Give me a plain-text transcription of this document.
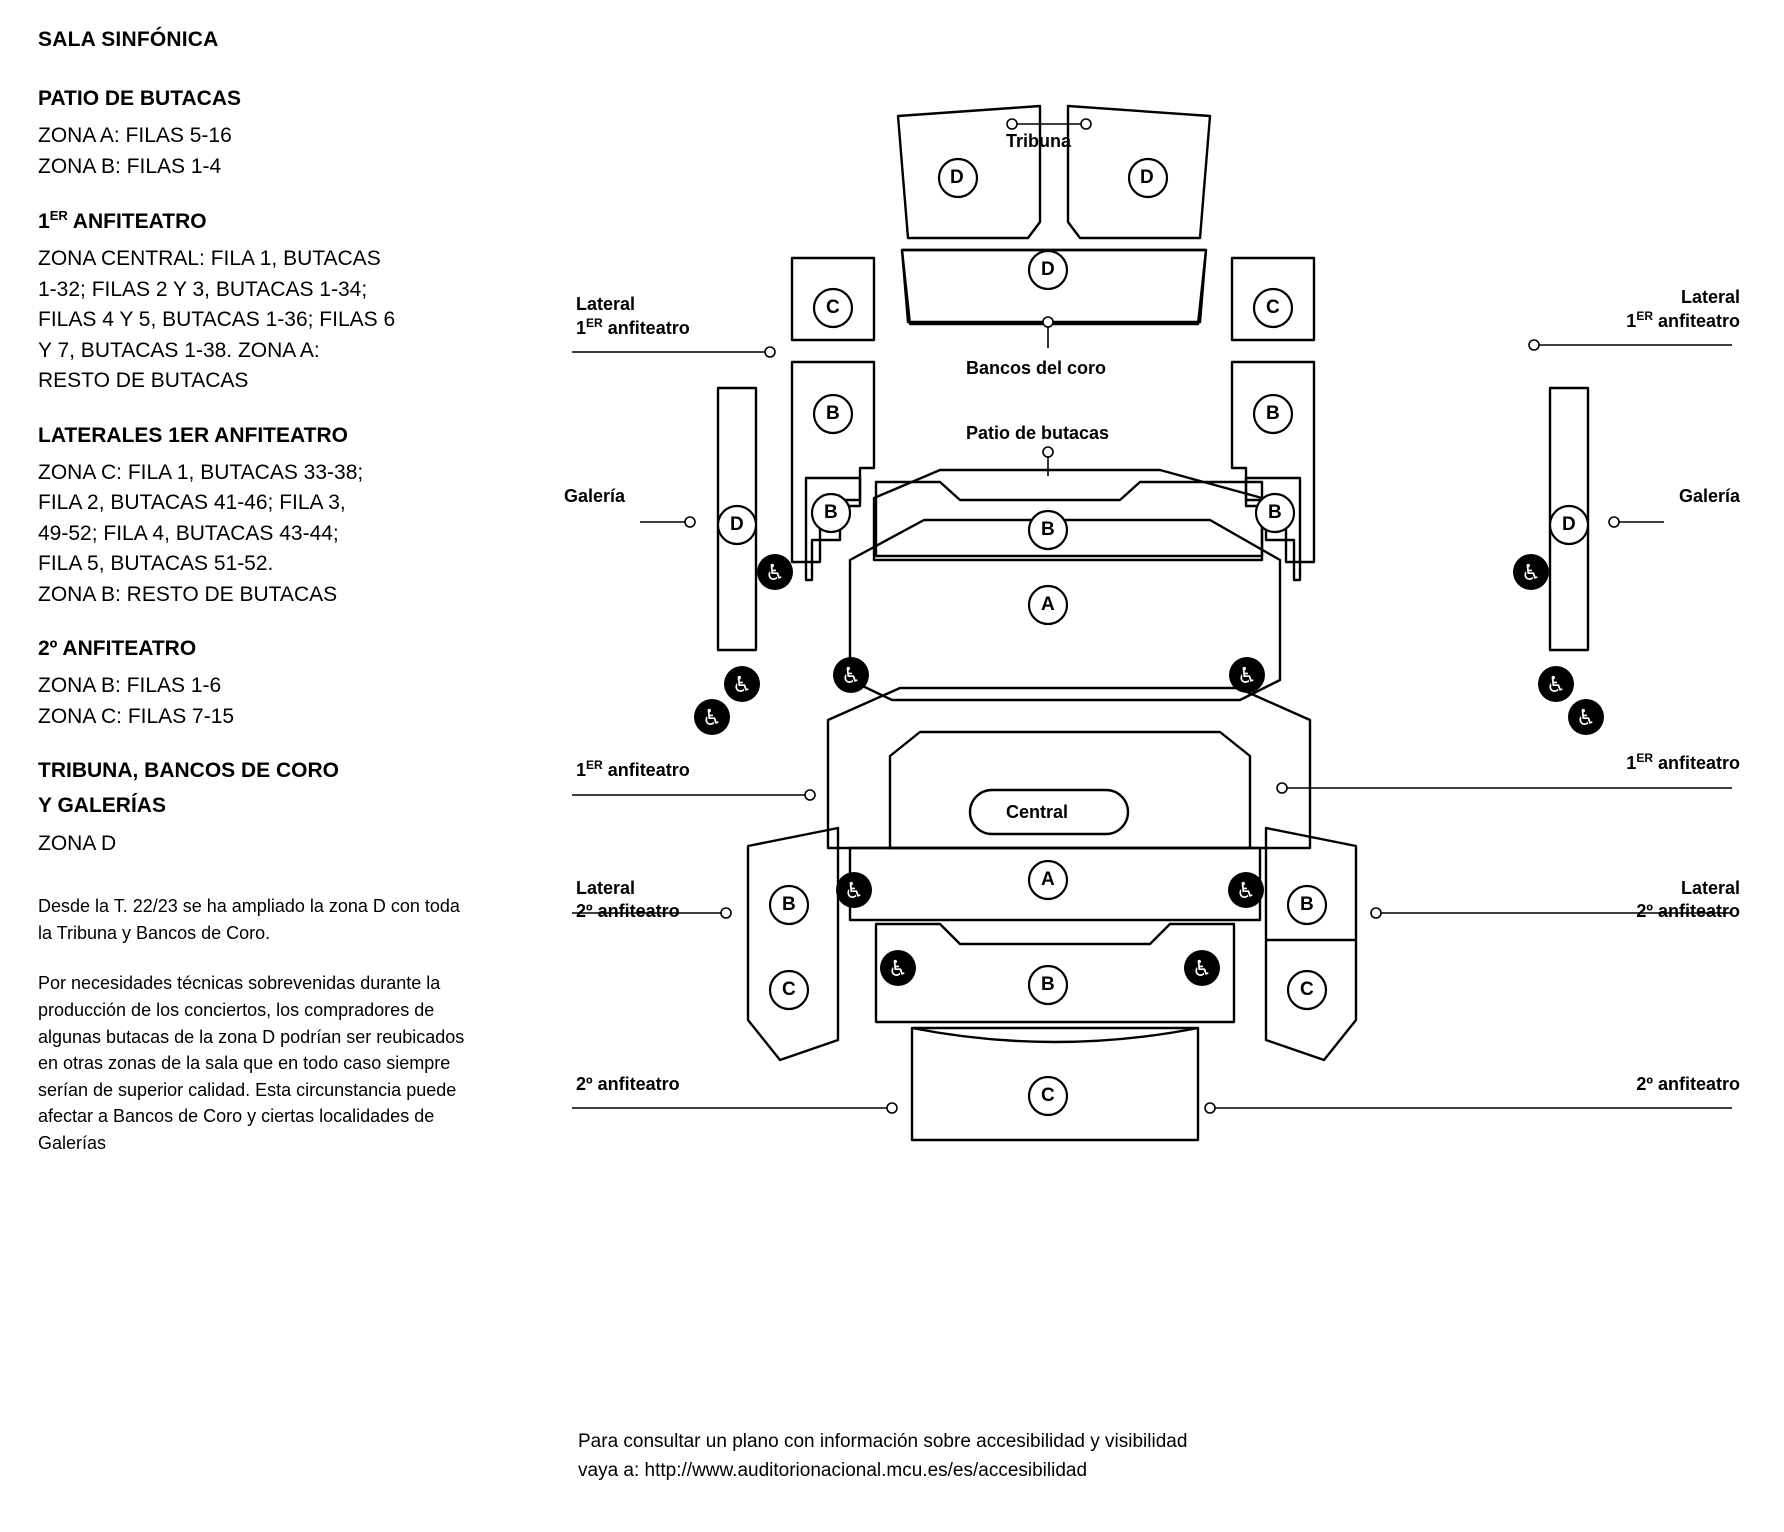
SALA SINFÓNICA

PATIO DE BUTACAS

ZONA A: FILAS 5-16

ZONA B: FILAS 1-4

1ER ANFITEATRO

ZONA CENTRAL: FILA 1, BUTACAS

1-32; FILAS 2 Y 3, BUTACAS 1-34;

FILAS 4 Y 5, BUTACAS 1-36; FILAS 6

Y 7, BUTACAS 1-38. ZONA A:

RESTO DE BUTACAS

LATERALES 1ER ANFITEATRO

ZONA C: FILA 1, BUTACAS 33-38;

FILA 2, BUTACAS 41-46; FILA 3,

49-52; FILA 4, BUTACAS 43-44;

FILA 5, BUTACAS 51-52.

ZONA B: RESTO DE BUTACAS

2º ANFITEATRO

ZONA B: FILAS 1-6

ZONA C: FILAS 7-15

TRIBUNA, BANCOS DE CORO

Y GALERÍAS

ZONA D

Desde la T. 22/23 se ha ampliado la zona D con toda la Tribuna y Bancos de Coro.

Por necesidades técnicas sobrevenidas durante la producción de los conciertos, los compradores de algunas butacas de la zona D podrían ser reubicados en otras zonas de la sala que en todo caso siempre serían de superior calidad. Esta circunstancia puede afectar a Bancos de Coro y ciertas localidades de Galerías

♿	♿
♿
♿
♿	♿	♿
♿
♿	♿
♿	♿
D	D
D
C	C
B	B
D	D
B	B
B
A
A
B
C
B
C
B
C
Central
Tribuna
Bancos del coro
Patio de butacas
Lateral
1ER anfiteatro
Lateral
1ER anfiteatro
Galería	Galería
1ER anfiteatro	1ER anfiteatro
Lateral
2º anfiteatro
Lateral
2º anfiteatro
2º anfiteatro	2º anfiteatro
Para consultar un plano con información sobre accesibilidad y visibilidad
vaya a: http://www.auditorionacional.mcu.es/es/accesibilidad
